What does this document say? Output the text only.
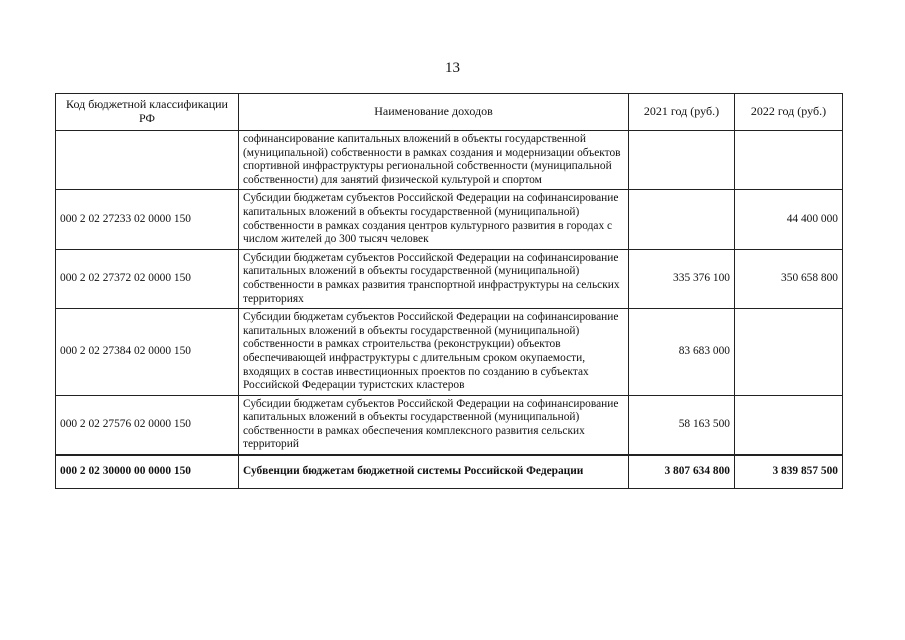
13
Код бюджетной классификации РФ	Наименование доходов	2021 год (руб.)	2022 год (руб.)
	софинансирование капитальных вложений в объекты государственной (муниципальной) собственности в рамках создания и модернизации объектов спортивной инфраструктуры региональной собственности (муниципальной собственности) для занятий физической культурой и спортом		
000 2 02 27233 02 0000 150	Субсидии бюджетам субъектов Российской Федерации на софинансирование капитальных вложений в объекты государственной (муниципальной) собственности в рамках создания центров культурного развития в городах с числом жителей до 300 тысяч человек		44 400 000
000 2 02 27372 02 0000 150	Субсидии бюджетам субъектов Российской Федерации на софинансирование капитальных вложений в объекты государственной (муниципальной) собственности в рамках развития транспортной инфраструктуры на сельских территориях	335 376 100	350 658 800
000 2 02 27384 02 0000 150	Субсидии бюджетам субъектов Российской Федерации на софинансирование капитальных вложений в объекты государственной (муниципальной) собственности в рамках строительства (реконструкции) объектов обеспечивающей инфраструктуры с длительным сроком окупаемости, входящих в состав инвестиционных проектов по созданию в субъектах Российской Федерации туристских кластеров	83 683 000	
000 2 02 27576 02 0000 150	Субсидии бюджетам субъектов Российской Федерации на софинансирование капитальных вложений в объекты государственной (муниципальной) собственности в рамках обеспечения комплексного развития сельских территорий	58 163 500	
000 2 02 30000 00 0000 150	Субвенции бюджетам бюджетной системы Российской Федерации	3 807 634 800	3 839 857 500
